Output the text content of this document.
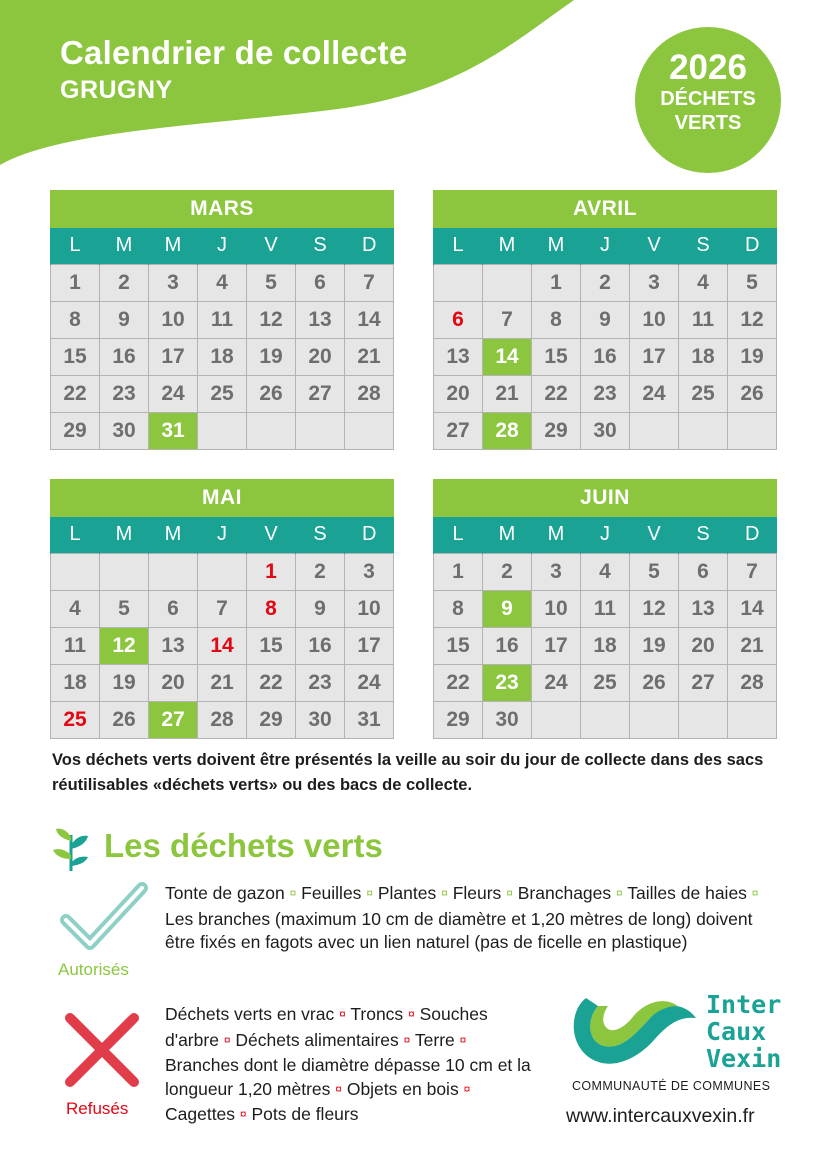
Calendrier de collecte
GRUGNY
2026
DÉCHETS
VERTS
MARS
L	M	M	J	V	S	D
1	2	3	4	5	6	7
8	9	10	11	12	13	14
15	16	17	18	19	20	21
22	23	24	25	26	27	28
29	30	31				
AVRIL
L	M	M	J	V	S	D
		1	2	3	4	5
6	7	8	9	10	11	12
13	14	15	16	17	18	19
20	21	22	23	24	25	26
27	28	29	30			
MAI
L	M	M	J	V	S	D
				1	2	3
4	5	6	7	8	9	10
11	12	13	14	15	16	17
18	19	20	21	22	23	24
25	26	27	28	29	30	31
JUIN
L	M	M	J	V	S	D
1	2	3	4	5	6	7
8	9	10	11	12	13	14
15	16	17	18	19	20	21
22	23	24	25	26	27	28
29	30					
Vos déchets verts doivent être présentés la veille au soir du jour de collecte dans des sacs réutilisables «déchets verts» ou des bacs de collecte.
Les déchets verts
Autorisés
Tonte de gazon ¤ Feuilles ¤ Plantes ¤ Fleurs ¤ Branchages ¤ Tailles de haies ¤ Les branches (maximum 10 cm de diamètre et 1,20 mètres de long) doivent être fixés en fagots avec un lien naturel (pas de ficelle en plastique)
Refusés
Déchets verts en vrac ¤ Troncs ¤ Souches d'arbre ¤ Déchets alimentaires ¤ Terre ¤ Branches dont le diamètre dépasse 10 cm et la longueur 1,20 mètres ¤ Objets en bois ¤ Cagettes ¤ Pots de fleurs
Inter
Caux
Vexin
COMMUNAUTÉ DE COMMUNES
www.intercauxvexin.fr
